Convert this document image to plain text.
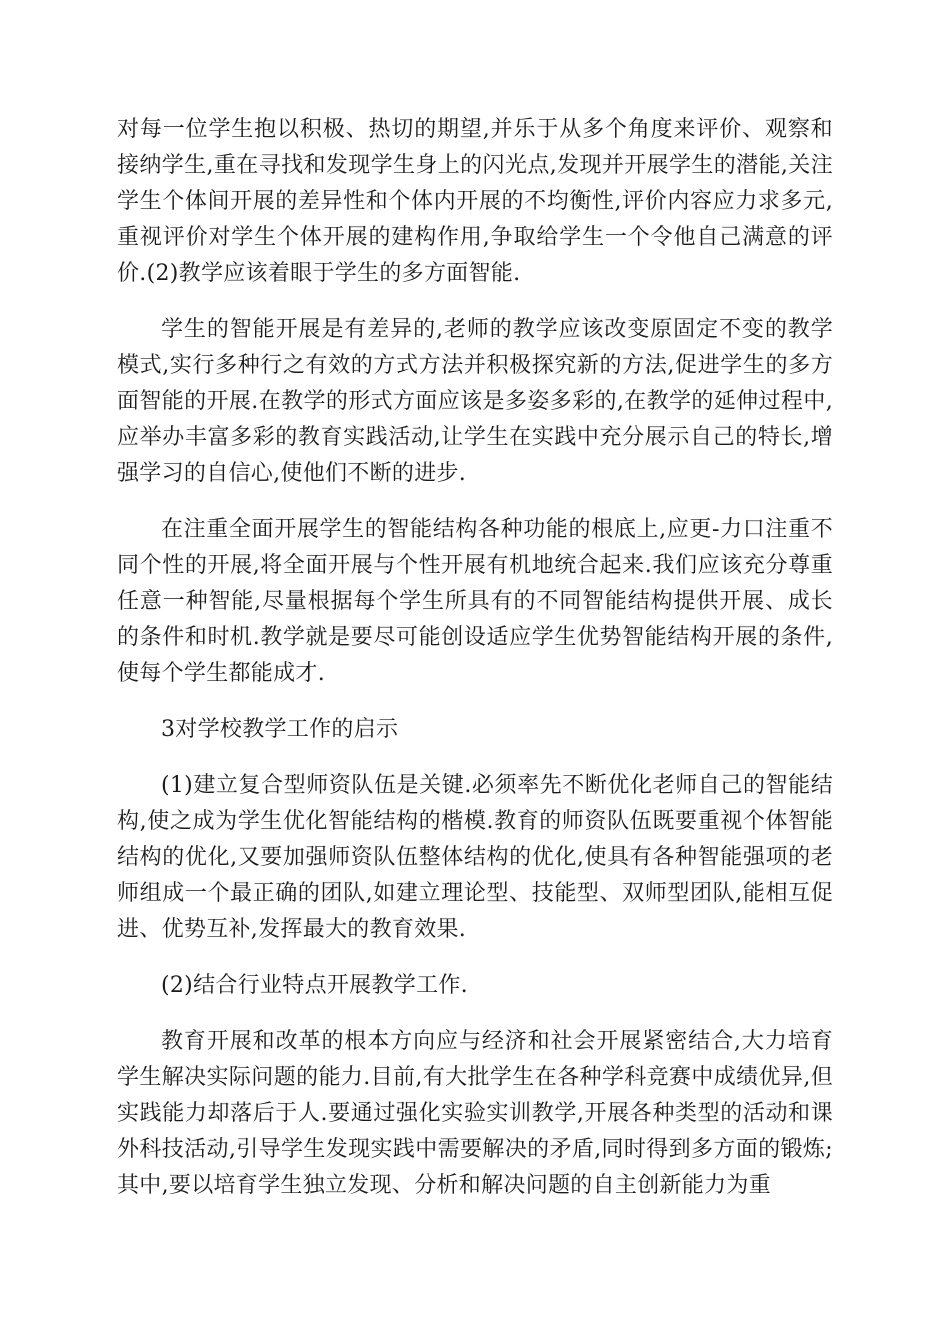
对每一位学生抱以积极、热切的期望,并乐于从多个角度来评价、观察和接纳学生,重在寻找和发现学生身上的闪光点,发现并开展学生的潜能,关注学生个体间开展的差异性和个体内开展的不均衡性,评价内容应力求多元,重视评价对学生个体开展的建构作用,争取给学生一个令他自己满意的评价.(2)教学应该着眼于学生的多方面智能.

学生的智能开展是有差异的,老师的教学应该改变原固定不变的教学模式,实行多种行之有效的方式方法并积极探究新的方法,促进学生的多方面智能的开展.在教学的形式方面应该是多姿多彩的,在教学的延伸过程中,应举办丰富多彩的教育实践活动,让学生在实践中充分展示自己的特长,增强学习的自信心,使他们不断的进步.

在注重全面开展学生的智能结构各种功能的根底上,应更-力口注重不同个性的开展,将全面开展与个性开展有机地统合起来.我们应该充分尊重任意一种智能,尽量根据每个学生所具有的不同智能结构提供开展、成长的条件和时机.教学就是要尽可能创设适应学生优势智能结构开展的条件,使每个学生都能成才.

3对学校教学工作的启示

(1)建立复合型师资队伍是关键.必须率先不断优化老师自己的智能结构,使之成为学生优化智能结构的楷模.教育的师资队伍既要重视个体智能结构的优化,又要加强师资队伍整体结构的优化,使具有各种智能强项的老师组成一个最正确的团队,如建立理论型、技能型、双师型团队,能相互促进、优势互补,发挥最大的教育效果.

(2)结合行业特点开展教学工作.

教育开展和改革的根本方向应与经济和社会开展紧密结合,大力培育学生解决实际问题的能力.目前,有大批学生在各种学科竞赛中成绩优异,但实践能力却落后于人.要通过强化实验实训教学,开展各种类型的活动和课外科技活动,引导学生发现实践中需要解决的矛盾,同时得到多方面的锻炼;其中,要以培育学生独立发现、分析和解决问题的自主创新能力为重
